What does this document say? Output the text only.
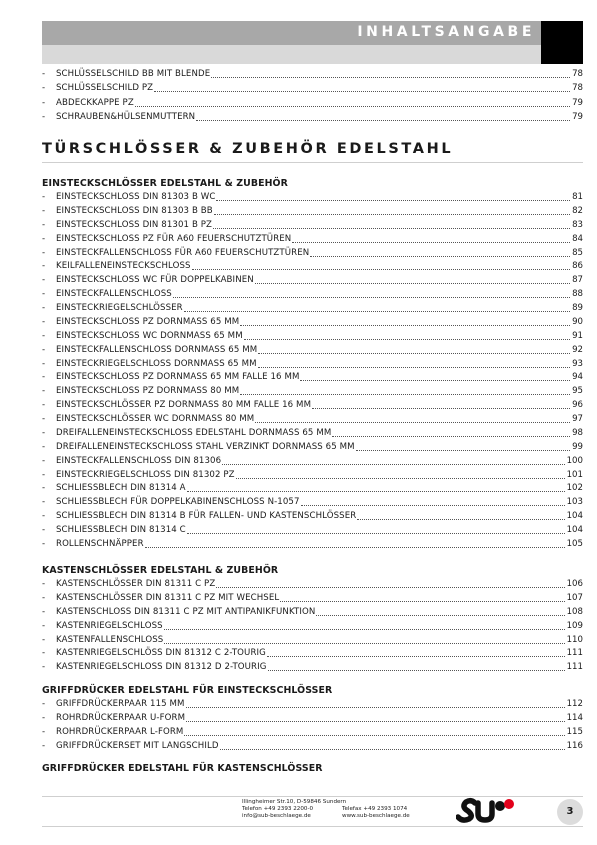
INHALTSANGABE
-	SCHLÜSSELSCHILD BB MIT BLENDE	78
-	SCHLÜSSELSCHILD PZ	78
-	ABDECKKAPPE PZ	79
-	SCHRAUBEN&HÜLSENMUTTERN	79
TÜRSCHLÖSSER & ZUBEHÖR EDELSTAHL
EINSTECKSCHLÖSSER EDELSTAHL & ZUBEHÖR
-	EINSTECKSCHLOSS DIN 81303 B WC	81
-	EINSTECKSCHLOSS DIN 81303 B BB	82
-	EINSTECKSCHLOSS DIN 81301 B PZ	83
-	EINSTECKSCHLOSS PZ FÜR A60 FEUERSCHUTZTÜREN	84
-	EINSTECKFALLENSCHLOSS FÜR A60 FEUERSCHUTZTÜREN	85
-	KEILFALLENEINSTECKSCHLOSS	86
-	EINSTECKSCHLOSS WC FÜR DOPPELKABINEN	87
-	EINSTECKFALLENSCHLOSS	88
-	EINSTECKRIEGELSCHLÖSSER	89
-	EINSTECKSCHLOSS PZ DORNMASS 65 MM	90
-	EINSTECKSCHLOSS WC DORNMASS 65 MM	91
-	EINSTECKFALLENSCHLOSS DORNMASS 65 MM	92
-	EINSTECKRIEGELSCHLOSS DORNMASS 65 MM	93
-	EINSTECKSCHLOSS PZ DORNMASS 65 MM FALLE 16 MM	94
-	EINSTECKSCHLOSS PZ DORNMASS 80 MM	95
-	EINSTECKSCHLÖSSER PZ DORNMASS 80 MM FALLE 16 MM	96
-	EINSTECKSCHLÖSSER WC DORNMASS 80 MM	97
-	DREIFALLENEINSTECKSCHLOSS EDELSTAHL DORNMASS 65 MM	98
-	DREIFALLENEINSTECKSCHLOSS STAHL VERZINKT DORNMASS 65 MM	99
-	EINSTECKFALLENSCHLOSS DIN 81306	100
-	EINSTECKRIEGELSCHLOSS DIN 81302 PZ	101
-	SCHLIESSBLECH DIN 81314 A	102
-	SCHLIESSBLECH FÜR DOPPELKABINENSCHLOSS N-1057	103
-	SCHLIESSBLECH DIN 81314 B FÜR FALLEN- UND KASTENSCHLÖSSER	104
-	SCHLIESSBLECH DIN 81314 C	104
-	ROLLENSCHNÄPPER	105
KASTENSCHLÖSSER EDELSTAHL & ZUBEHÖR
-	KASTENSCHLÖSSER DIN 81311 C PZ	106
-	KASTENSCHLÖSSER DIN 81311 C PZ MIT WECHSEL	107
-	KASTENSCHLOSS DIN 81311 C PZ MIT ANTIPANIKFUNKTION	108
-	KASTENRIEGELSCHLOSS	109
-	KASTENFALLENSCHLOSS	110
-	KASTENRIEGELSCHLÖSS DIN 81312 C 2-TOURIG	111
-	KASTENRIEGELSCHLOSS DIN 81312 D 2-TOURIG	111
GRIFFDRÜCKER EDELSTAHL FÜR EINSTECKSCHLÖSSER
-	GRIFFDRÜCKERPAAR 115 MM	112
-	ROHRDRÜCKERPAAR U-FORM	114
-	ROHRDRÜCKERPAAR L-FORM	115
-	GRIFFDRÜCKERSET MIT LANGSCHILD	116
GRIFFDRÜCKER EDELSTAHL FÜR KASTENSCHLÖSSER
Illingheimer Str.10, D-59846 Sundern
Telefon +49 2393 2200-0	Telefax +49 2393 1074
info@sub-beschlaege.de	www.sub-beschlaege.de	3
